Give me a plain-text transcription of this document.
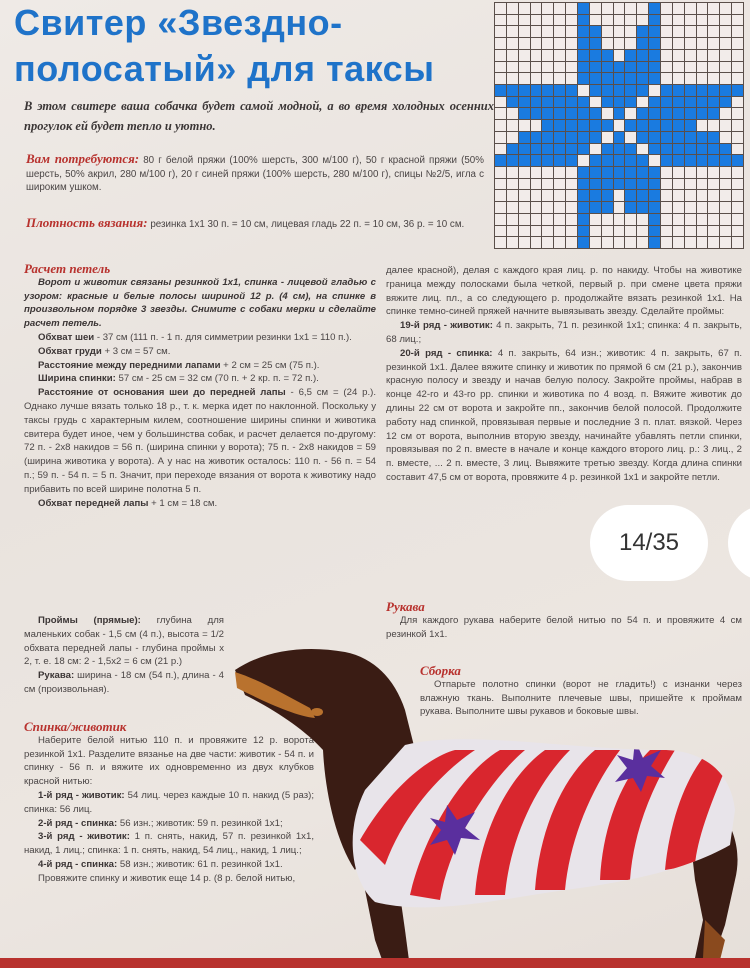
Свитер «Звездно-
полосатый» для таксы
В этом свитере ваша собачка будет самой модной, а во время холодных осенних прогулок ей будет тепло и уютно.

Вам потребуются: 80 г белой пряжи (100% шерсть, 300 м/100 г), 50 г красной пряжи (50% шерсть, 50% акрил, 280 м/100 г), 20 г синей пряжи (100% шерсть, 280 м/100 г), спицы №2/5, игла с широким ушком.

Плотность вязания: резинка 1х1 30 п. = 10 см, лицевая гладь 22 п. = 10 см, 36 р. = 10 см.

Расчет петель

Ворот и животик связаны резинкой 1х1, спинка - лицевой гладью с узором: красные и белые полосы шириной 12 р. (4 см), на спинке в произвольном порядке 3 звезды. Снимите с собаки мерки и сделайте расчет петель.

Обхват шеи - 37 см (111 п. - 1 п. для симметрии резинки 1х1 = 110 п.).

Обхват груди + 3 см = 57 см.

Расстояние между передними лапами + 2 см = 25 см (75 п.).

Ширина спинки: 57 см - 25 см = 32 см (70 п. + 2 кр. п. = 72 п.).

Расстояние от основания шеи до передней лапы - 6,5 см = (24 р.). Однако лучше вязать только 18 р., т. к. мерка идет по наклонной. Поскольку у таксы грудь с характерным килем, соотношение ширины спинки и животика свитера будет иное, чем у большинства собак, и расчет делается по-другому: 72 п. - 2х8 накидов = 56 п. (ширина спинки у ворота); 75 п. - 2х8 накидов = 59 (ширина животика у ворота). А у нас на животик осталось: 110 п. - 56 п. = 54 п.; 59 п. - 54 п. = 5 п. Значит, при переходе вязания от ворота к животику надо прибавить по всей ширине полотна 5 п.

Обхват передней лапы + 1 см = 18 см.

Проймы (прямые): глубина для маленьких собак - 1,5 см (4 п.), высота = 1/2 обхвата передней лапы - глубина проймы х 2, т. е. 18 см: 2 - 1,5х2 = 6 см (21 р.)

Рукава: ширина - 18 см (54 п.), длина - 4 см (произвольная).

Спинка/животик

Наберите белой нитью 110 п. и провяжите 12 р. ворота резинкой 1х1. Разделите вязанье на две части: животик - 54 п. и спинку - 56 п. и вяжите их одновременно из двух клубков красной нитью:

1-й ряд - животик: 54 лиц. через каждые 10 п. накид (5 раз); спинка: 56 лиц.

2-й ряд - спинка: 56 изн.; животик: 59 п. резинкой 1х1;

3-й ряд - животик: 1 п. снять, накид, 57 п. резинкой 1х1, накид, 1 лиц.; спинка: 1 п. снять, накид, 54 лиц., накид, 1 лиц.;

4-й ряд - спинка: 58 изн.; животик: 61 п. резинкой 1х1.

Провяжите спинку и животик еще 14 р. (8 р. белой нитью,

далее красной), делая с каждого края лиц. р. по накиду. Чтобы на животике граница между полосками была четкой, первый р. при смене цвета пряжи вяжите лиц. пл., а со следующего р. продолжайте вязать резинкой 1х1. На спинке темно-синей пряжей начните вывязывать звезду. Сделайте проймы:

19-й ряд - животик: 4 п. закрыть, 71 п. резинкой 1х1; спинка: 4 п. закрыть, 68 лиц.;

20-й ряд - спинка: 4 п. закрыть, 64 изн.; животик: 4 п. закрыть, 67 п. резинкой 1х1. Далее вяжите спинку и животик по прямой 6 см (21 р.), закончив красную полосу и звезду и начав белую полосу. Закройте проймы, набрав в конце 42-го и 43-го рр. спинки и животика по 4 возд. п. Вяжите животик до длины 22 см от ворота и закройте пп., закончив белой полосой. Продолжите работу над спинкой, провязывая первые и последние 3 п. плат. вязкой. Через 12 см от ворота, выполнив вторую звезду, начинайте убавлять петли спинки, провязывая по 2 п. вместе в начале и конце каждого второго лиц. р.: 3 лиц., 2 п. вместе, ... 2 п. вместе, 3 лиц. Вывяжите третью звезду. Когда длина спинки составит 47,5 см от ворота, провяжите 4 р. резинкой 1х1 и закройте петли.

Рукава

Для каждого рукава наберите белой нитью по 54 п. и провяжите 4 см резинкой 1х1.

Сборка

Отпарьте полотно спинки (ворот не гладить!) с изнанки через влажную ткань. Выполните плечевые швы, пришейте к проймам рукава. Выполните швы рукавов и боковые швы.

14/35
